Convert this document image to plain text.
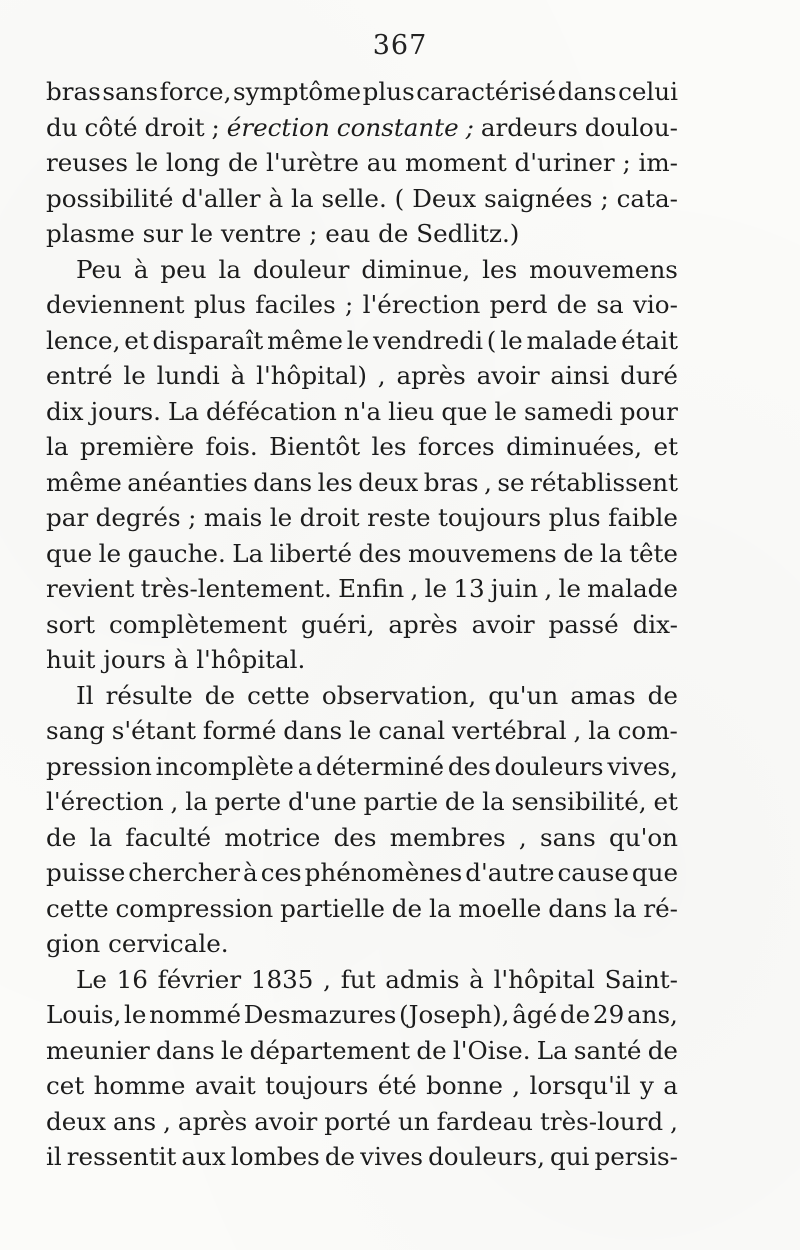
367
bras sans force, symptôme plus caractérisé dans celui
du côté droit ; érection constante ; ardeurs doulou-
reuses le long de l'urètre au moment d'uriner ; im-
possibilité d'aller à la selle. ( Deux saignées ; cata-
plasme sur le ventre ; eau de Sedlitz.)
Peu à peu la douleur diminue, les mouvemens
deviennent plus faciles ; l'érection perd de sa vio-
lence, et disparaît même le vendredi ( le malade était
entré le lundi à l'hôpital) , après avoir ainsi duré
dix jours. La défécation n'a lieu que le samedi pour
la première fois. Bientôt les forces diminuées, et
même anéanties dans les deux bras , se rétablissent
par degrés ; mais le droit reste toujours plus faible
que le gauche. La liberté des mouvemens de la tête
revient très-lentement. Enfin , le 13 juin , le malade
sort complètement guéri, après avoir passé dix-
huit jours à l'hôpital.
Il résulte de cette observation, qu'un amas de
sang s'étant formé dans le canal vertébral , la com-
pression incomplète a déterminé des douleurs vives,
l'érection , la perte d'une partie de la sensibilité, et
de la faculté motrice des membres , sans qu'on
puisse chercher à ces phénomènes d'autre cause que
cette compression partielle de la moelle dans la ré-
gion cervicale.
Le 16 février 1835 , fut admis à l'hôpital Saint-
Louis, le nommé Desmazures (Joseph), âgé de 29 ans,
meunier dans le département de l'Oise. La santé de
cet homme avait toujours été bonne , lorsqu'il y a
deux ans , après avoir porté un fardeau très-lourd ,
il ressentit aux lombes de vives douleurs, qui persis-
